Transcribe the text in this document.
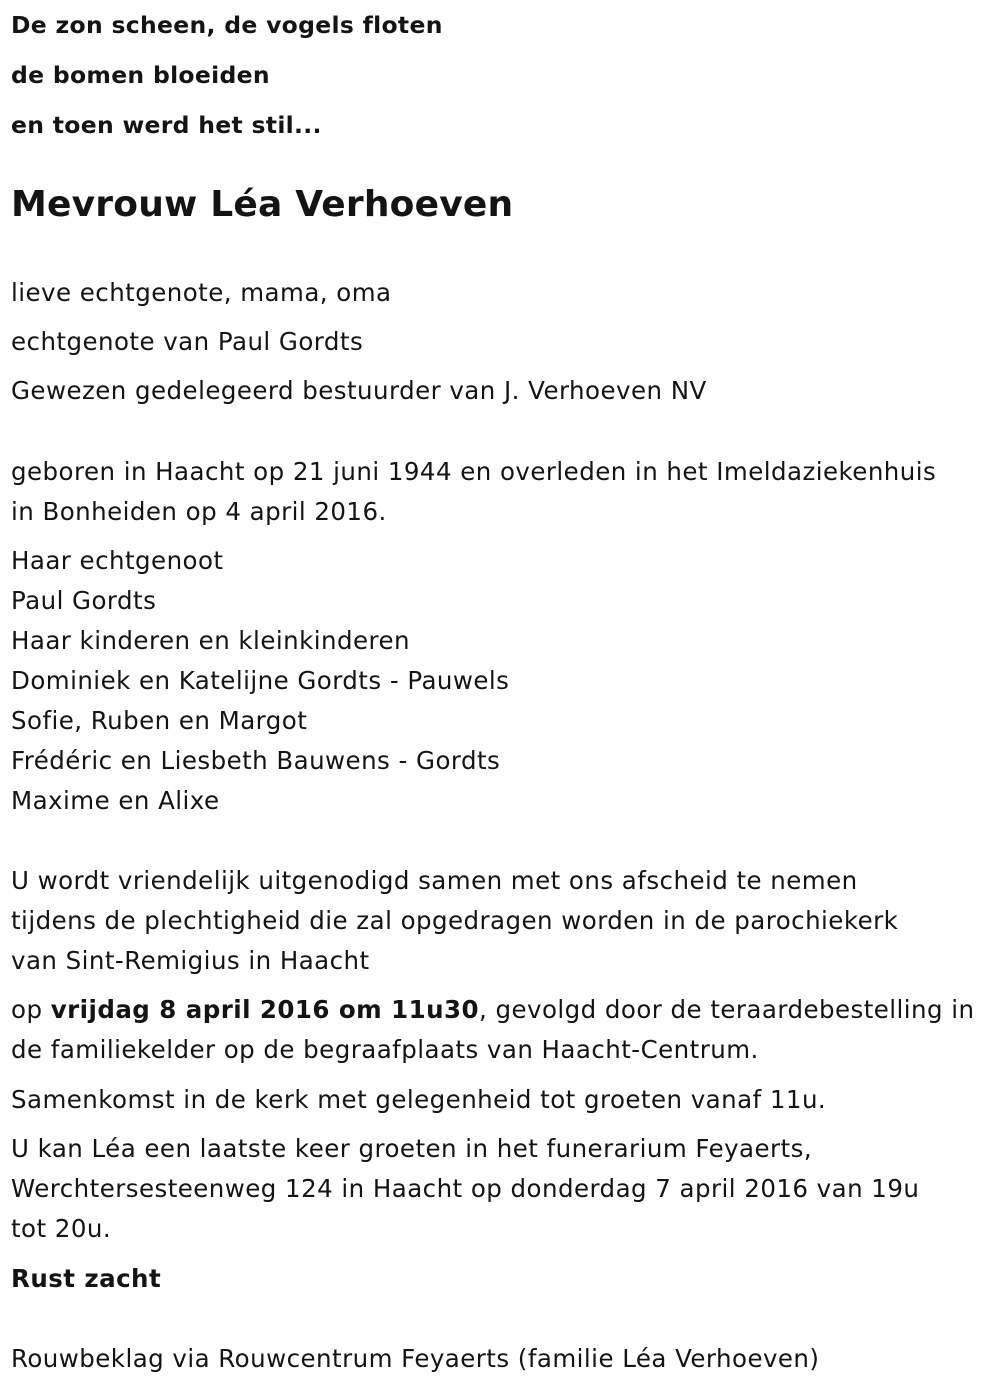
De zon scheen, de vogels floten
de bomen bloeiden
en toen werd het stil...
Mevrouw Léa Verhoeven
lieve echtgenote, mama, oma
echtgenote van Paul Gordts
Gewezen gedelegeerd bestuurder van J. Verhoeven NV
geboren in Haacht op 21 juni 1944 en overleden in het Imeldaziekenhuis
in Bonheiden op 4 april 2016.
Haar echtgenoot
Paul Gordts
Haar kinderen en kleinkinderen
Dominiek en Katelijne Gordts - Pauwels
Sofie, Ruben en Margot
Frédéric en Liesbeth Bauwens - Gordts
Maxime en Alixe
U wordt vriendelijk uitgenodigd samen met ons afscheid te nemen
tijdens de plechtigheid die zal opgedragen worden in de parochiekerk
van Sint-Remigius in Haacht
op vrijdag 8 april 2016 om 11u30, gevolgd door de teraardebestelling in
de familiekelder op de begraafplaats van Haacht-Centrum.
Samenkomst in de kerk met gelegenheid tot groeten vanaf 11u.
U kan Léa een laatste keer groeten in het funerarium Feyaerts,
Werchtersesteenweg 124 in Haacht op donderdag 7 april 2016 van 19u
tot 20u.
Rust zacht
Rouwbeklag via Rouwcentrum Feyaerts (familie Léa Verhoeven)
